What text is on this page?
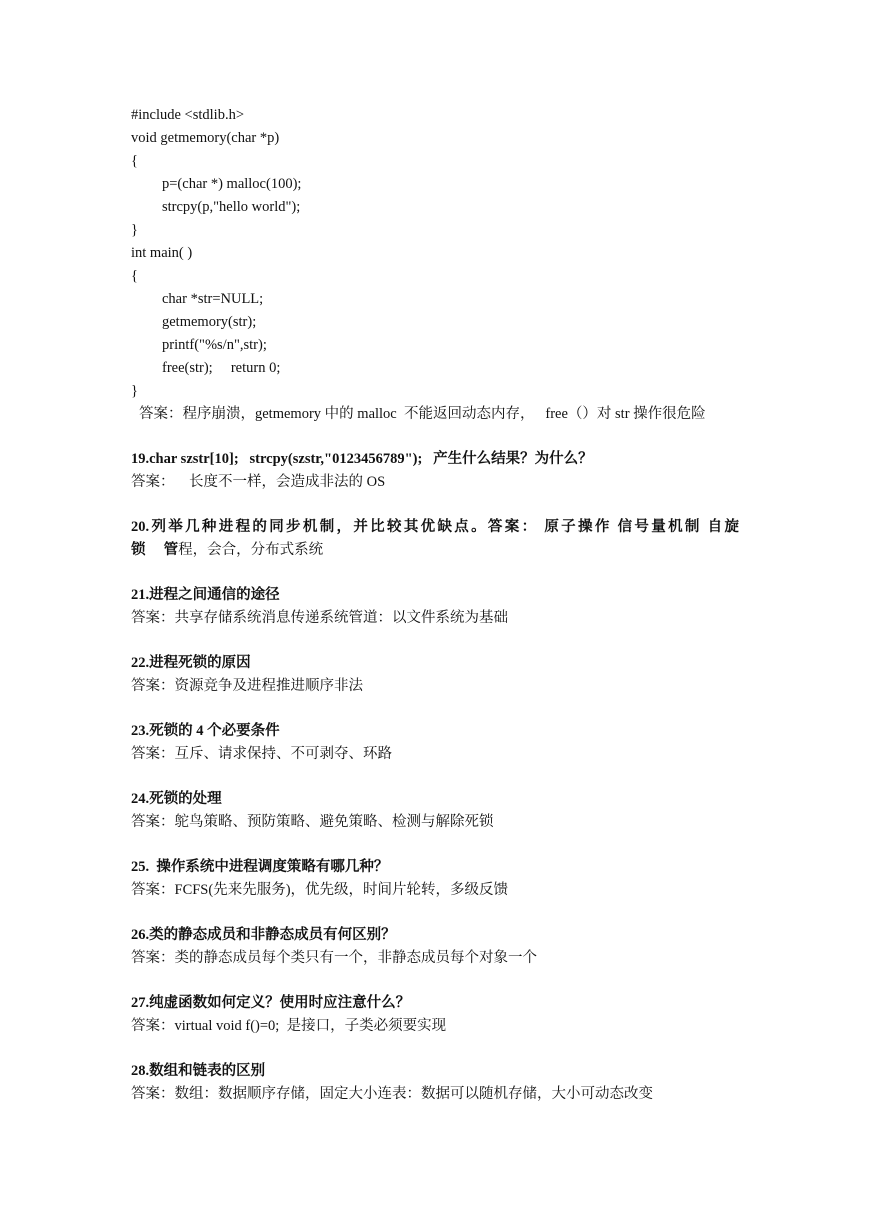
#include <stdlib.h>
void getmemory(char *p)
{
p=(char *) malloc(100);
strcpy(p,"hello world");
}
int main( )
{
char *str=NULL;
getmemory(str);
printf("%s/n",str);
free(str);     return 0;
}
答案：程序崩溃，getmemory 中的 malloc  不能返回动态内存，   free（）对 str 操作很危险
19.char szstr[10];   strcpy(szstr,"0123456789");   产生什么结果？为什么？
答案：    长度不一样，会造成非法的 OS
20.列举几种进程的同步机制，并比较其优缺点。答案： 原子操作 信号量机制 自旋
锁     管程，会合，分布式系统
21.进程之间通信的途径
答案：共享存储系统消息传递系统管道：以文件系统为基础
22.进程死锁的原因
答案：资源竞争及进程推进顺序非法
23.死锁的 4 个必要条件
答案：互斥、请求保持、不可剥夺、环路
24.死锁的处理
答案：鸵鸟策略、预防策略、避免策略、检测与解除死锁
25.  操作系统中进程调度策略有哪几种？
答案：FCFS(先来先服务)，优先级，时间片轮转，多级反馈
26.类的静态成员和非静态成员有何区别？
答案：类的静态成员每个类只有一个，非静态成员每个对象一个
27.纯虚函数如何定义？使用时应注意什么？
答案：virtual void f()=0;  是接口，子类必须要实现
28.数组和链表的区别
答案：数组：数据顺序存储，固定大小连表：数据可以随机存储，大小可动态改变
